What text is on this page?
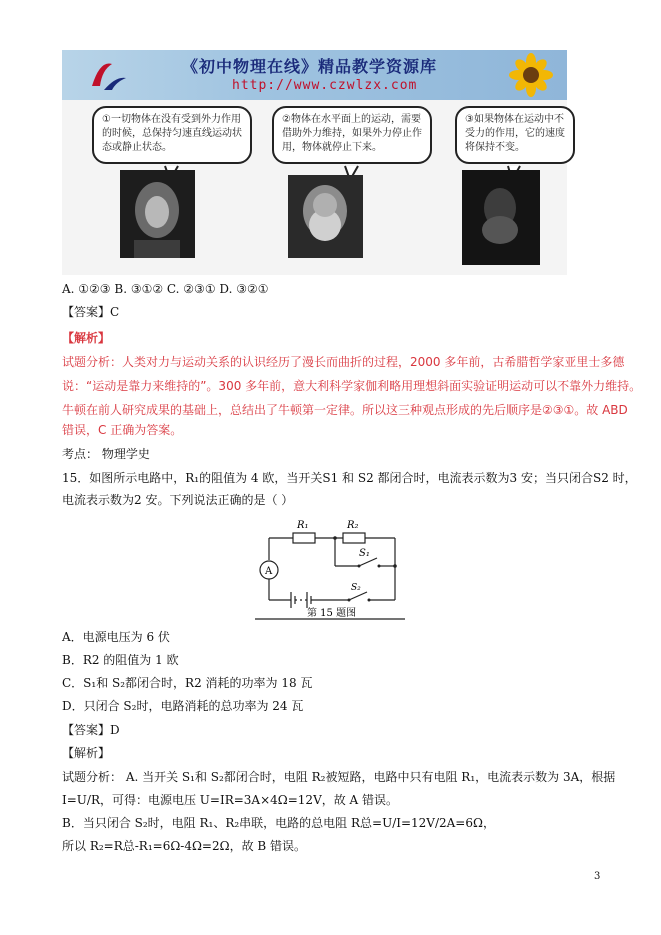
《初中物理在线》精品教学资源库
http://www.czwlzx.com
①一切物体在没有受到外力作用的时候，总保持匀速直线运动状态或静止状态。
②物体在水平面上的运动，需要借助外力维持，如果外力停止作用，物体就停止下来。
③如果物体在运动中不受力的作用，它的速度将保持不变。
A. ①②③ B. ③①② C. ②③① D. ③②①
【答案】C
【解析】
试题分析：人类对力与运动关系的认识经历了漫长而曲折的过程，2000 多年前，古希腊哲学家亚里士多德
说：“运动是靠力来维持的”。300 多年前，意大利科学家伽利略用理想斜面实验证明运动可以不靠外力维持。
牛顿在前人研究成果的基础上，总结出了牛顿第一定律。所以这三种观点形成的先后顺序是②③①。故 ABD
错误，C 正确为答案。
考点： 物理学史
15．如图所示电路中，R₁的阻值为 4 欧，当开关S1 和 S2 都闭合时，电流表示数为3 安；当只闭合S2 时，
电流表示数为2 安。下列说法正确的是（ ）
R₁	R₂
S₁
S₂
A
第 15 题图
A．电源电压为 6 伏
B．R2 的阻值为 1 欧
C．S₁和 S₂都闭合时，R2 消耗的功率为 18 瓦
D．只闭合 S₂时，电路消耗的总功率为 24 瓦
【答案】D
【解析】
试题分析： A. 当开关 S₁和 S₂都闭合时，电阻 R₂被短路，电路中只有电阻 R₁，电流表示数为 3A，根据
I=U/R，可得：电源电压 U=IR=3A×4Ω=12V，故 A 错误。
B．当只闭合 S₂时，电阻 R₁、R₂串联，电路的总电阻 R总=U/I=12V/2A=6Ω，
所以 R₂=R总-R₁=6Ω-4Ω=2Ω，故 B 错误。
3
